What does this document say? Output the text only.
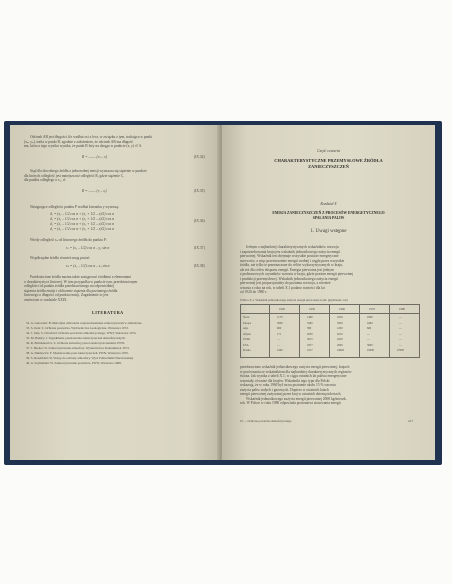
Odcinek AB jest długości 4/π wzdłuż osi x lecz, w związku z tym, trafiająca w punkt
(xₙ, yₙ), trafia w punkt B, zgodnie z założeniem, że odcinek AB ma długość
ma, która z tego wyniku wynika, że punkt B leży na okręgu w punkcie (x, y) ∈ S.
R = –––– (rₙ – x)	(IX.34)
Stąd dla dowolnego źródła z jednorodnej emisji wyznacza się stężenie w punkcie
dla których odległość jest mniejsza niż odległość R, gdzie stężenie C,
dla punktu odległego o x₀, d:
R = –––– (rᵢ – xᵢ)	(IX.35)
Następujące odległości punktu P wzdłuż kierunku y wynoszą:
d₁ = (x₀ – 1/2 cos α + (x₀ + 1/2 – x)/2) cos α
d₂ = (x₀ – 1/2 cos α + (x₀ + 1/2 – x)/2) cos α
d₃ = (x₀ – 1/2 cos α + (x₀ + 1/2 – x)/2) cos α
d₄ = (x₀ – 1/2 cos α + (x₀ + 1/2 – x)/2) cos α
(IX.36)
Wtedy odległość rₙ od liniowego źródła do punktu P:
rₙ = (x₀ – 1/2) cos α – y₀ sin α	(IX.37)
Współrzędne źródła również mają postać:
xₙ = (x₀ – 1/2) cos α – x₀ sin α	(IX.38)
Przedstawione źródła można także zastępować źródłami z elementami
o charakterystyce liniowej. W tym przypadku w punkcie tym, przedstawionym
odległości od punktu źródła przedstawionego na odpowiedniej
stężeniu źródła emisji i obliczenie stężenia dla poziomego źródła
liniowego o długości od punktu emisji, Zagadnienie to jest
omówione w rozdziale XXIX.
LITERATURA
32. A. Gutowski: B. Metodyka obliczania rozprzestrzeniania zanieczyszczeń w atmosferze.
33. S. Juda: Z. Ochrona powietrza. Wydawnictwa Geologiczne, Warszawa 1972.
34. J. Juda, S. Chróściel: Ochrona powietrza atmosferycznego. WNT, Warszawa 1974.
35. M. Bałazy: J. Zagadnienie przenoszenia zanieczyszczeń atmosferycznych.
36. R. Bohdanowicz, Z. Ochrona atmosfery przed zanieczyszczeniami. PWN.
37. J. Hacker: D. Zanieczyszczenia atmosfery. Wydawnictwa Komunikacji 1974.
38. A. Duklewicz: F. Modelowanie pola zanieczyszczeń. PWN, Warszawa 1970.
39. S. Rosenblatt: D. Wstęp do ochrony atmosfery. Wyd. Politechniki Warszawskiej.
40. A. Szymański: W. Zanieczyszczenie powietrza. PWN, Warszawa 1968.
Część czwarta
CHARAKTERYSTYCZNE PRZEMYSŁOWE ŹRÓDŁA
ZANIECZYSZCZEŃ
Rozdział X
EMISJA ZANIECZYSZCZEŃ Z PROCESÓW ENERGETYCZNEGO
SPALANIA PALIW
1. Uwagi wstępne
Jednym z najbardziej charakterystycznych wskaźników rozwoju
i zapotrzebowania kraju jest wskaźnik jednostkowego zużycia energii
pierwotnej. Wskaźnik ten obejmuje wszystkie postacie energetyczne
surowców, a więc przetworzenie energii wodnej i węgla przez wszystkie
źródła, nie tylko te przeznaczone do celów wykorzystywanych w kraju,
ale też dla celów eksportu energii. Energia pierwotna jest jednym
z podstawowych czynników wzrostu w kraju, gdzie poziom energii pierwotnej
i produkcji przemysłowej. Wskaźnik jednostkowego zużycia energii
pierwotnej jest proporcjonalny do poziomu rozwoju, a również
wzrasta z roku na rok, w tabeli X.1 podano wartości dla lat
od 1920 do 1980 r.
Tablica X.1. Wskaźnik jednostkowego zużycia energii pierwotnej na jm. (kg/mieszk. rok)
1920	1950	1960	1970	1980
Świat	1170	1480	1620	1890	—
Europa	3000	3300	3950	4400	—
Azja	600	580	1200	600	—
Afryka	171	2050	2010	—	—
USSR	—	3015	4250	—	—
USA	—	1877	2000	3000	—
Polska	1200	1917	24000	10000	27000
przedstawiono wskaźnik jednostkowego zużycia energii pierwotnej, krajach
w porównaniu ze wskaźnikiem dla najbardziej charakterystycznych regionów
świata. Jak wynika z tabeli X.1, w ciągu ostatnich lat paliwa energetyczne
wzrastały, również dla krajów. Wskaźniki tego typu dla Polski
wskazują, że w roku 1960 był on na poziomie około 15 % wzrostu
zużycia paliw stałych i gazowych. Dopiero w ostatnich latach
energii pierwotnej zużywanej przez kraj w ostatnich dziesięcioleciach.
Wskaźnik jednostkowego zużycia energii pierwotnej 2000 kg/mieszk.
rok. W Polsce w roku 1980 odpowiada poziomowi stosowania energii
10 — Ochrona powietrza atmosferycznego	217
